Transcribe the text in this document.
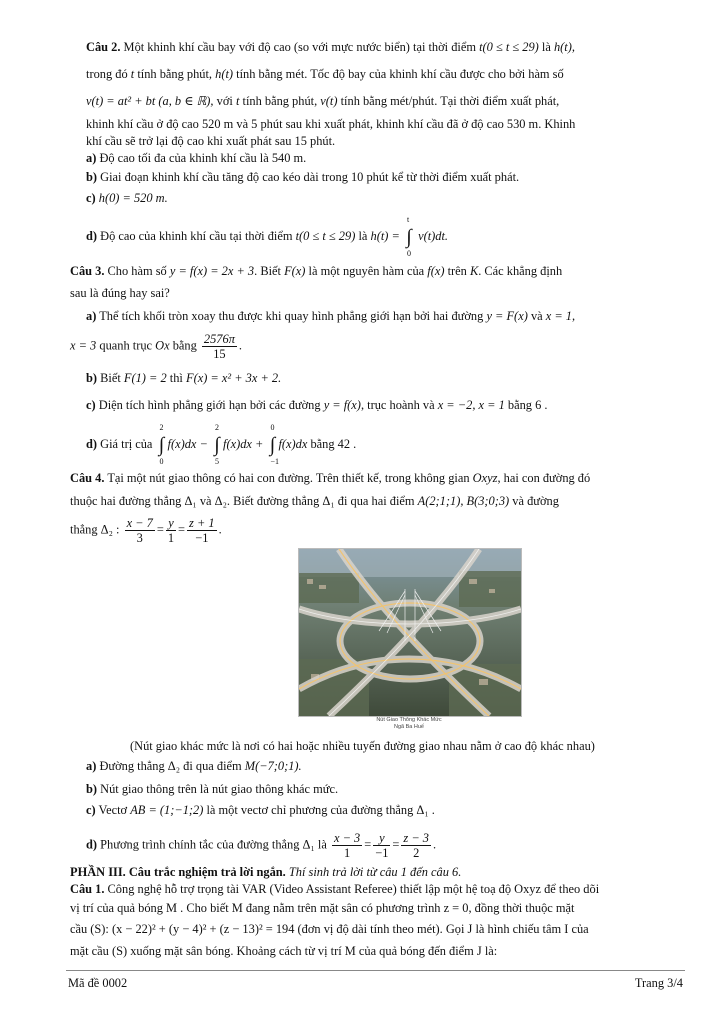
Câu 2. Một khinh khí cầu bay với độ cao (so với mực nước biển) tại thời điểm t(0 ≤ t ≤ 29) là h(t),
trong đó t tính bằng phút, h(t) tính bằng mét. Tốc độ bay của khinh khí cầu được cho bởi hàm số
v(t) = at² + bt (a, b ∈ ℝ), với t tính bằng phút, v(t) tính bằng mét/phút. Tại thời điểm xuất phát,
khinh khí cầu ở độ cao 520 m và 5 phút sau khi xuất phát, khinh khí cầu đã ở độ cao 530 m. Khinh
khí cầu sẽ trở lại độ cao khi xuất phát sau 15 phút.
a) Độ cao tối đa của khinh khí cầu là 540 m.
b) Giai đoạn khinh khí cầu tăng độ cao kéo dài trong 10 phút kể từ thời điểm xuất phát.
c) h(0) = 520 m.
d) Độ cao của khinh khí cầu tại thời điểm t(0 ≤ t ≤ 29) là h(t) = ∫
t
0
v(t)dt.
Câu 3. Cho hàm số y = f(x) = 2x + 3. Biết F(x) là một nguyên hàm của f(x) trên K. Các khẳng định
sau là đúng hay sai?
a) Thể tích khối tròn xoay thu được khi quay hình phẳng giới hạn bởi hai đường y = F(x) và x = 1,
x = 3 quanh trục Ox bằng $\frac{2576\pi}{15}$ .
b) Biết F(1) = 2 thì F(x) = x² + 3x + 2.
c) Diện tích hình phẳng giới hạn bởi các đường y = f(x), trục hoành và x = −2, x = 1 bằng 6 .
d) Giá trị của ∫
2
0
f(x)dx − ∫
2
5
f(x)dx + ∫
0
−1
f(x)dx bằng 42 .
Câu 4. Tại một nút giao thông có hai con đường. Trên thiết kế, trong không gian Oxyz, hai con đường đó
thuộc hai đường thẳng Δ₁ và Δ₂. Biết đường thẳng Δ₁ đi qua hai điểm A(2;1;1), B(3;0;3) và đường
thẳng Δ₂ : $\frac{x - 7}{3} = \frac{y}{1} = \frac{z + 1}{-1}$ .
Nút Giao Thông Khác Mức
Ngã Ba Huế
(Nút giao khác mức là nơi có hai hoặc nhiều tuyến đường giao nhau nằm ở cao độ khác nhau)
a) Đường thẳng Δ₂ đi qua điểm M(−7;0;1).
b) Nút giao thông trên là nút giao thông khác mức.
c) Vectơ AB = (1;−1;2) là một vectơ chỉ phương của đường thẳng Δ₁ .
d) Phương trình chính tắc của đường thẳng Δ₁ là $\frac{x - 3}{1} = \frac{y}{-1} = \frac{z - 3}{2}$ .
PHẦN III. Câu trắc nghiệm trả lời ngắn. Thí sinh trả lời từ câu 1 đến câu 6.
Câu 1. Công nghệ hỗ trợ trọng tài VAR (Video Assistant Referee) thiết lập một hệ toạ độ Oxyz để theo dõi
vị trí của quả bóng M . Cho biết M đang nằm trên mặt sân có phương trình z = 0, đồng thời thuộc mặt
cầu (S): (x − 22)² + (y − 4)² + (z − 13)² = 194 (đơn vị độ dài tính theo mét). Gọi J là hình chiếu tâm I của
mặt cầu (S) xuống mặt sân bóng. Khoảng cách từ vị trí M của quả bóng đến điểm J là:
Mã đề 0002	Trang 3/4
